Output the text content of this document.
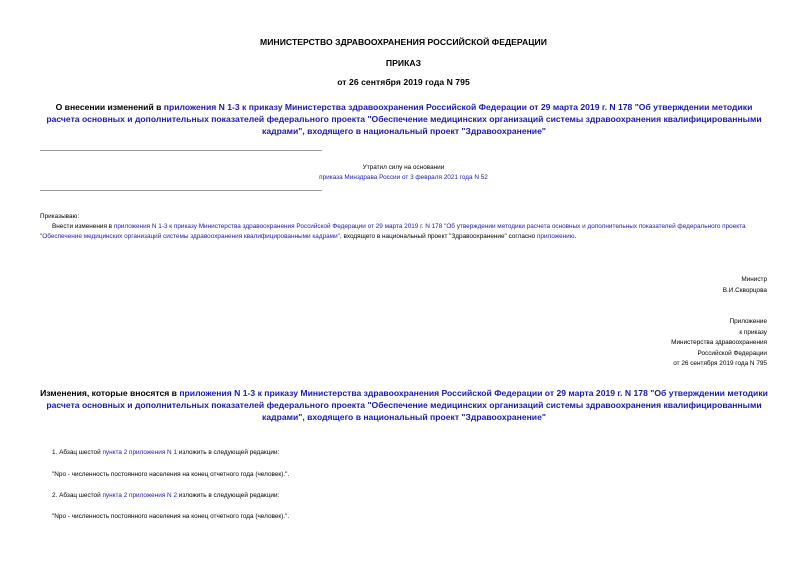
МИНИСТЕРСТВО ЗДРАВООХРАНЕНИЯ РОССИЙСКОЙ ФЕДЕРАЦИИ
ПРИКАЗ
от 26 сентября 2019 года N 795
О внесении изменений в приложения N 1-3 к приказу Министерства здравоохранения Российской Федерации от 29 марта 2019 г. N 178 "Об утверждении методики расчета основных и дополнительных показателей федерального проекта "Обеспечение медицинских организаций системы здравоохранения квалифицированными кадрами", входящего в национальный проект "Здравоохранение"
Утратил силу на основании
приказа Минздрава России от 3 февраля 2021 года N 52
Приказываю:
Внести изменения в приложения N 1-3 к приказу Министерства здравоохранения Российской Федерации от 29 марта 2019 г. N 178 "Об утверждении методики расчета основных и дополнительных показателей федерального проекта "Обеспечение медицинских организаций системы здравоохранения квалифицированными кадрами", входящего в национальный проект "Здравоохранение" согласно приложению.
Министр
В.И.Скворцова
Приложение
к приказу
Министерства здравоохранения
Российской Федерации
от 26 сентября 2019 года N 795
Изменения, которые вносятся в приложения N 1-3 к приказу Министерства здравоохранения Российской Федерации от 29 марта 2019 г. N 178 "Об утверждении методики расчета основных и дополнительных показателей федерального проекта "Обеспечение медицинских организаций системы здравоохранения квалифицированными кадрами", входящего в национальный проект "Здравоохранение"
1. Абзац шестой пункта 2 приложения N 1 изложить в следующей редакции:
"Nро - численность постоянного населения на конец отчетного года (человек).".
2. Абзац шестой пункта 2 приложения N 2 изложить в следующей редакции:
"Nро - численность постоянного населения на конец отчетного года (человек).".
